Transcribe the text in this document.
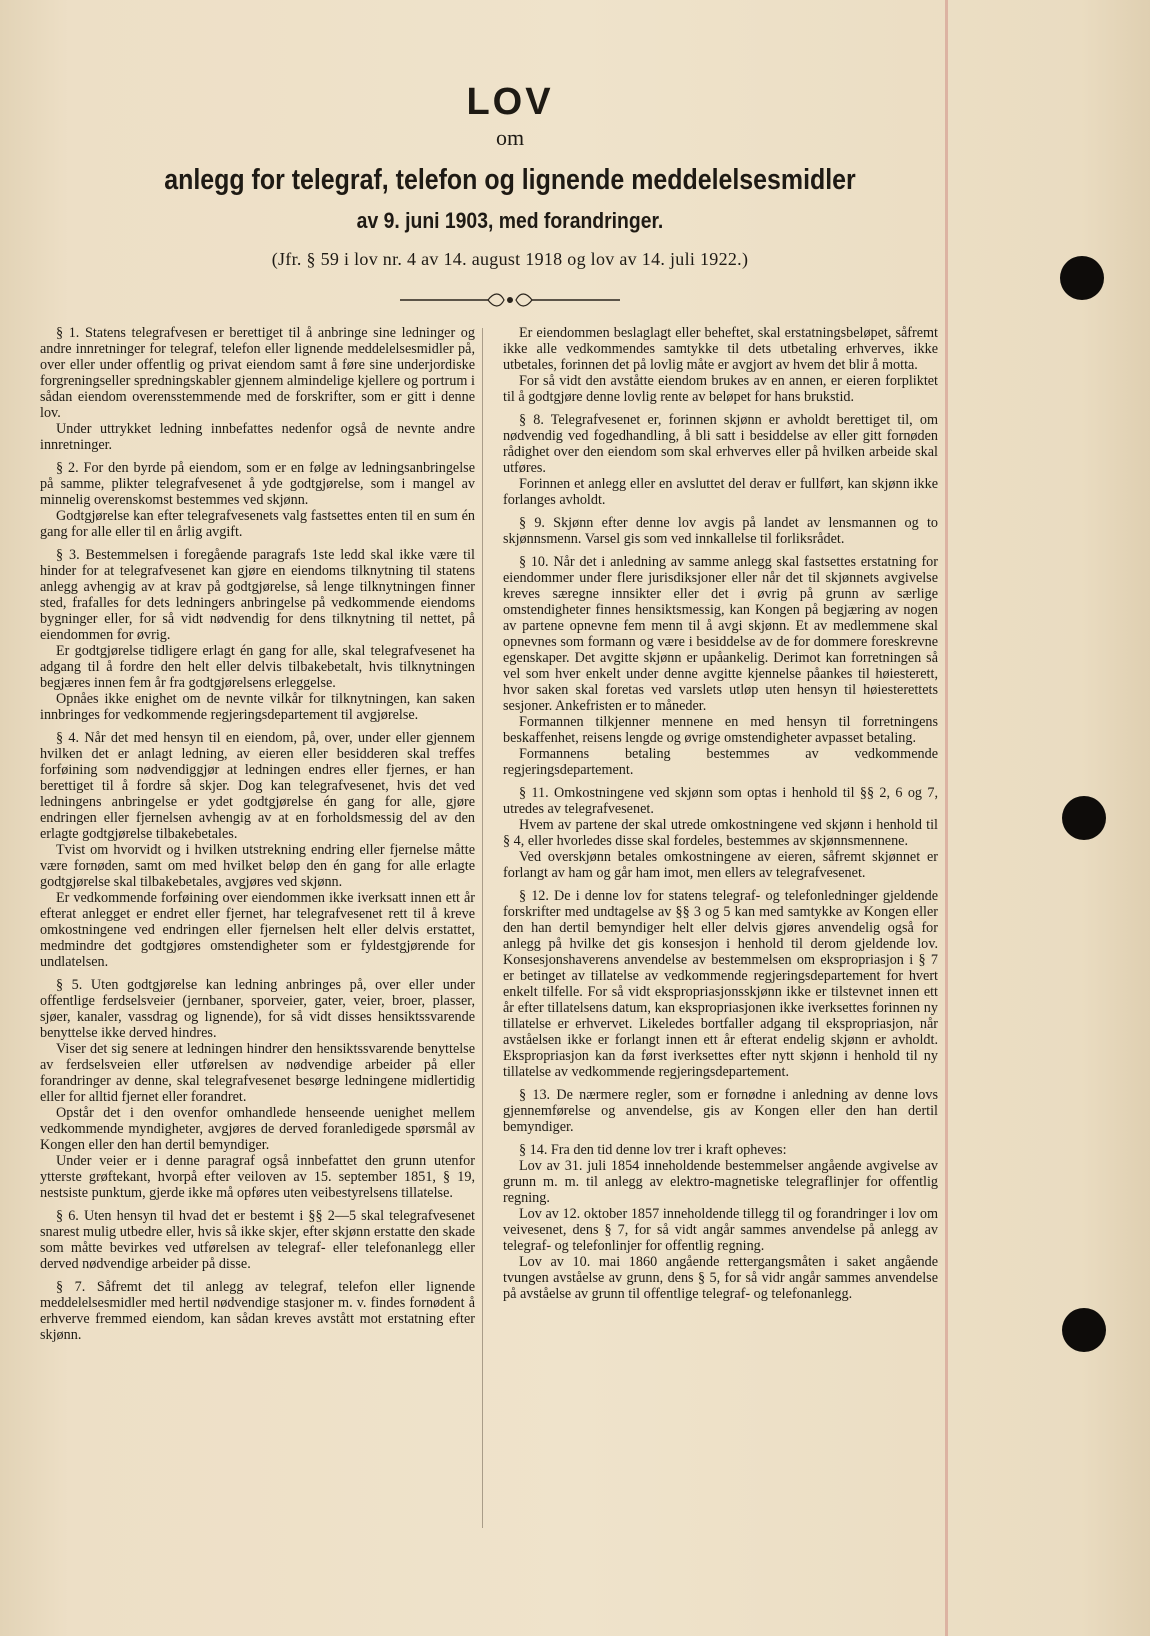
LOV

om

anlegg for telegraf, telefon og lignende meddelelsesmidler

av 9. juni 1903, med forandringer.

(Jfr. § 59 i lov nr. 4 av 14. august 1918 og lov av 14. juli 1922.)

§ 1. Statens telegrafvesen er berettiget til å anbringe sine ledninger og andre innretninger for telegraf, telefon eller lignende meddelelsesmidler på, over eller under offentlig og privat eiendom samt å føre sine underjordiske forgreningseller spredningskabler gjennem almindelige kjellere og portrum i sådan eiendom overensstemmende med de forskrifter, som er gitt i denne lov.

Under uttrykket ledning innbefattes nedenfor også de nevnte andre innretninger.

§ 2. For den byrde på eiendom, som er en følge av ledningsanbringelse på samme, plikter telegrafvesenet å yde godtgjørelse, som i mangel av minnelig overenskomst bestemmes ved skjønn.

Godtgjørelse kan efter telegrafvesenets valg fastsettes enten til en sum én gang for alle eller til en årlig avgift.

§ 3. Bestemmelsen i foregående paragrafs 1ste ledd skal ikke være til hinder for at telegrafvesenet kan gjøre en eiendoms tilknytning til statens anlegg avhengig av at krav på godtgjørelse, så lenge tilknytningen finner sted, frafalles for dets ledningers anbringelse på vedkommende eiendoms bygninger eller, for så vidt nødvendig for dens tilknytning til nettet, på eiendommen for øvrig.

Er godtgjørelse tidligere erlagt én gang for alle, skal telegrafvesenet ha adgang til å fordre den helt eller delvis tilbakebetalt, hvis tilknytningen begjæres innen fem år fra godtgjørelsens erleggelse.

Opnåes ikke enighet om de nevnte vilkår for tilknytningen, kan saken innbringes for vedkommende regjeringsdepartement til avgjørelse.

§ 4. Når det med hensyn til en eiendom, på, over, under eller gjennem hvilken det er anlagt ledning, av eieren eller besidderen skal treffes forføining som nødvendiggjør at ledningen endres eller fjernes, er han berettiget til å fordre så skjer. Dog kan telegrafvesenet, hvis det ved ledningens anbringelse er ydet godtgjørelse én gang for alle, gjøre endringen eller fjernelsen avhengig av at en forholdsmessig del av den erlagte godtgjørelse tilbakebetales.

Tvist om hvorvidt og i hvilken utstrekning endring eller fjernelse måtte være fornøden, samt om med hvilket beløp den én gang for alle erlagte godtgjørelse skal tilbakebetales, avgjøres ved skjønn.

Er vedkommende forføining over eiendommen ikke iverksatt innen ett år efterat anlegget er endret eller fjernet, har telegrafvesenet rett til å kreve omkostningene ved endringen eller fjernelsen helt eller delvis erstattet, medmindre det godtgjøres omstendigheter som er fyldestgjørende for undlatelsen.

§ 5. Uten godtgjørelse kan ledning anbringes på, over eller under offentlige ferdselsveier (jernbaner, sporveier, gater, veier, broer, plasser, sjøer, kanaler, vassdrag og lignende), for så vidt disses hensiktssvarende benyttelse ikke derved hindres.

Viser det sig senere at ledningen hindrer den hensiktssvarende benyttelse av ferdselsveien eller utførelsen av nødvendige arbeider på eller forandringer av denne, skal telegrafvesenet besørge ledningene midlertidig eller for alltid fjernet eller forandret.

Opstår det i den ovenfor omhandlede henseende uenighet mellem vedkommende myndigheter, avgjøres de derved foranledigede spørsmål av Kongen eller den han dertil bemyndiger.

Under veier er i denne paragraf også innbefattet den grunn utenfor ytterste grøftekant, hvorpå efter veiloven av 15. september 1851, § 19, nestsiste punktum, gjerde ikke må opføres uten veibestyrelsens tillatelse.

§ 6. Uten hensyn til hvad det er bestemt i §§ 2—5 skal telegrafvesenet snarest mulig utbedre eller, hvis så ikke skjer, efter skjønn erstatte den skade som måtte bevirkes ved utførelsen av telegraf- eller telefonanlegg eller derved nødvendige arbeider på disse.

§ 7. Såfremt det til anlegg av telegraf, telefon eller lignende meddelelsesmidler med hertil nødvendige stasjoner m. v. findes fornødent å erhverve fremmed eiendom, kan sådan kreves avstått mot erstatning efter skjønn.

Er eiendommen beslaglagt eller beheftet, skal erstatningsbeløpet, såfremt ikke alle vedkommendes samtykke til dets utbetaling erhverves, ikke utbetales, forinnen det på lovlig måte er avgjort av hvem det blir å motta.

For så vidt den avståtte eiendom brukes av en annen, er eieren forpliktet til å godtgjøre denne lovlig rente av beløpet for hans brukstid.

§ 8. Telegrafvesenet er, forinnen skjønn er avholdt berettiget til, om nødvendig ved fogedhandling, å bli satt i besiddelse av eller gitt fornøden rådighet over den eiendom som skal erhverves eller på hvilken arbeide skal utføres.

Forinnen et anlegg eller en avsluttet del derav er fullført, kan skjønn ikke forlanges avholdt.

§ 9. Skjønn efter denne lov avgis på landet av lensmannen og to skjønnsmenn. Varsel gis som ved innkallelse til forliksrådet.

§ 10. Når det i anledning av samme anlegg skal fastsettes erstatning for eiendommer under flere jurisdiksjoner eller når det til skjønnets avgivelse kreves særegne innsikter eller det i øvrig på grunn av særlige omstendigheter finnes hensiktsmessig, kan Kongen på begjæring av nogen av partene opnevne fem menn til å avgi skjønn. Et av medlemmene skal opnevnes som formann og være i besiddelse av de for dommere foreskrevne egenskaper. Det avgitte skjønn er upåankelig. Derimot kan forretningen så vel som hver enkelt under denne avgitte kjennelse påankes til høiesterett, hvor saken skal foretas ved varslets utløp uten hensyn til høiesterettets sesjoner. Ankefristen er to måneder.

Formannen tilkjenner mennene en med hensyn til forretningens beskaffenhet, reisens lengde og øvrige omstendigheter avpasset betaling.

Formannens betaling bestemmes av vedkommende regjeringsdepartement.

§ 11. Omkostningene ved skjønn som optas i henhold til §§ 2, 6 og 7, utredes av telegrafvesenet.

Hvem av partene der skal utrede omkostningene ved skjønn i henhold til § 4, eller hvorledes disse skal fordeles, bestemmes av skjønnsmennene.

Ved overskjønn betales omkostningene av eieren, såfremt skjønnet er forlangt av ham og går ham imot, men ellers av telegrafvesenet.

§ 12. De i denne lov for statens telegraf- og telefonledninger gjeldende forskrifter med undtagelse av §§ 3 og 5 kan med samtykke av Kongen eller den han dertil bemyndiger helt eller delvis gjøres anvendelig også for anlegg på hvilke det gis konsesjon i henhold til derom gjeldende lov. Konsesjonshaverens anvendelse av bestemmelsen om ekspropriasjon i § 7 er betinget av tillatelse av vedkommende regjeringsdepartement for hvert enkelt tilfelle. For så vidt ekspropriasjonsskjønn ikke er tilstevnet innen ett år efter tillatelsens datum, kan ekspropriasjonen ikke iverksettes forinnen ny tillatelse er erhvervet. Likeledes bortfaller adgang til ekspropriasjon, når avståelsen ikke er forlangt innen ett år efterat endelig skjønn er avholdt. Ekspropriasjon kan da først iverksettes efter nytt skjønn i henhold til ny tillatelse av vedkommende regjeringsdepartement.

§ 13. De nærmere regler, som er fornødne i anledning av denne lovs gjennemførelse og anvendelse, gis av Kongen eller den han dertil bemyndiger.

§ 14. Fra den tid denne lov trer i kraft opheves:

Lov av 31. juli 1854 inneholdende bestemmelser angående avgivelse av grunn m. m. til anlegg av elektro-magnetiske telegraflinjer for offentlig regning.

Lov av 12. oktober 1857 inneholdende tillegg til og forandringer i lov om veivesenet, dens § 7, for så vidt angår sammes anvendelse på anlegg av telegraf- og telefonlinjer for offentlig regning.

Lov av 10. mai 1860 angående rettergangsmåten i saket angående tvungen avståelse av grunn, dens § 5, for så vidr angår sammes anvendelse på avståelse av grunn til offentlige telegraf- og telefonanlegg.
